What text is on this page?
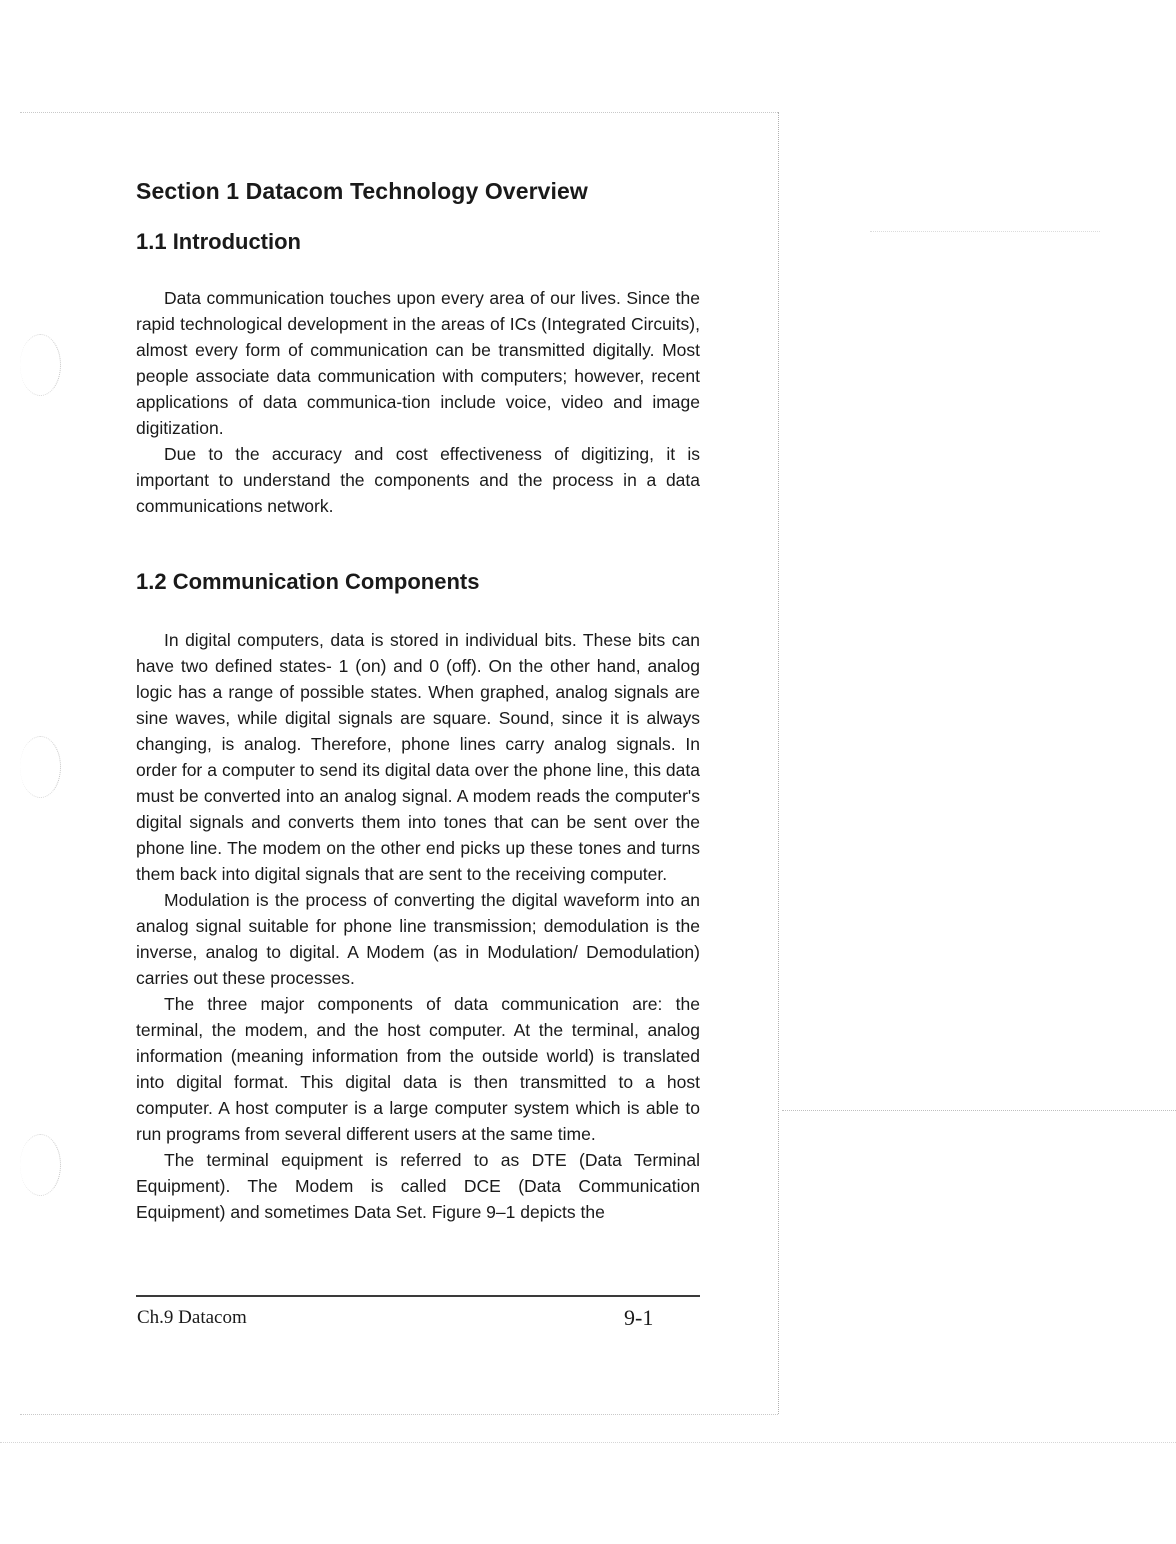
Section 1 Datacom Technology Overview
1.1 Introduction

Data communication touches upon every area of our lives. Since the rapid technological development in the areas of ICs (Integrated Circuits), almost every form of communication can be transmitted digitally. Most people associate data communication with computers; however, recent applications of data communica-tion include voice, video and image digitization.

Due to the accuracy and cost effectiveness of digitizing, it is important to understand the components and the process in a data communications network.

1.2 Communication Components

In digital computers, data is stored in individual bits. These bits can have two defined states- 1 (on) and 0 (off). On the other hand, analog logic has a range of possible states. When graphed, analog signals are sine waves, while digital signals are square. Sound, since it is always changing, is analog. Therefore, phone lines carry analog signals. In order for a computer to send its digital data over the phone line, this data must be converted into an analog signal. A modem reads the computer's digital signals and converts them into tones that can be sent over the phone line. The modem on the other end picks up these tones and turns them back into digital signals that are sent to the receiving computer.

Modulation is the process of converting the digital waveform into an analog signal suitable for phone line transmission; demodulation is the inverse, analog to digital. A Modem (as in Modulation/ Demodulation) carries out these processes.

The three major components of data communication are: the terminal, the modem, and the host computer. At the terminal, analog information (meaning information from the outside world) is translated into digital format. This digital data is then transmitted to a host computer. A host computer is a large computer system which is able to run programs from several different users at the same time.

The terminal equipment is referred to as DTE (Data Terminal Equipment). The Modem is called DCE (Data Communication Equipment) and sometimes Data Set. Figure 9–1 depicts the

Ch.9 Datacom	9-1
